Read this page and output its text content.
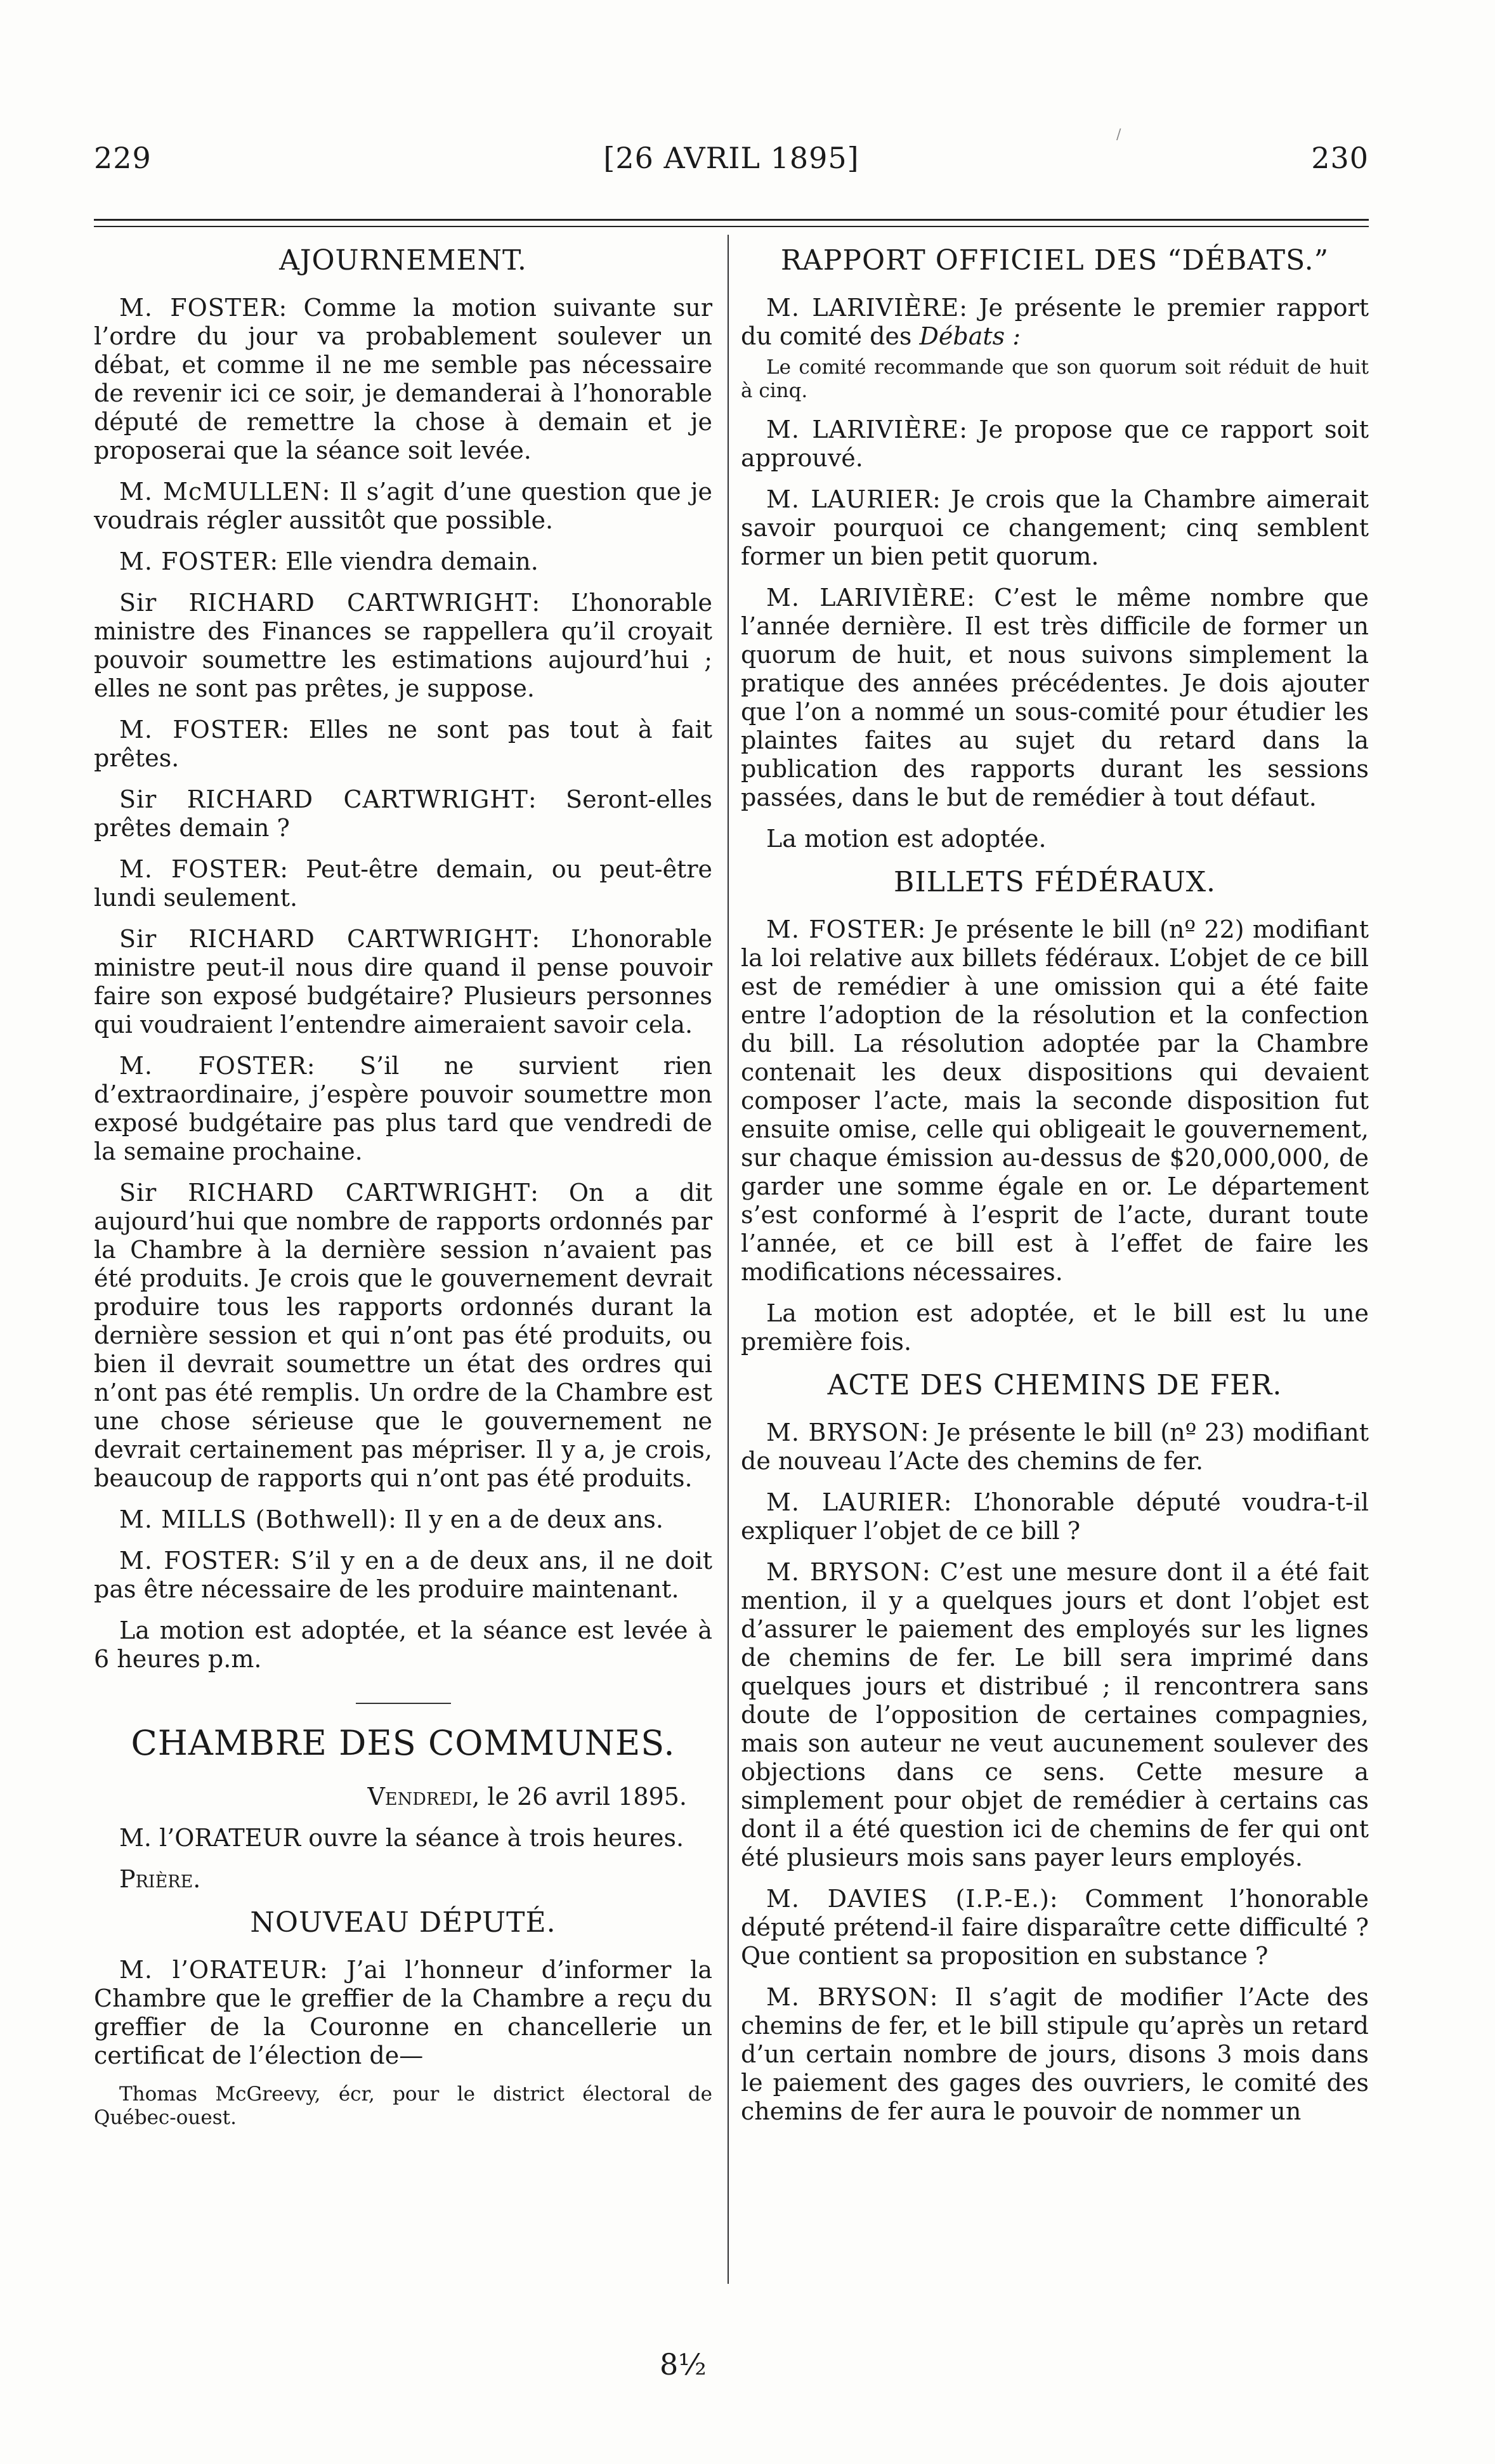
229	[26 AVRIL 1895]	230
/
AJOURNEMENT.

M. FOSTER: Comme la motion suivante sur l’ordre du jour va probablement soulever un débat, et comme il ne me semble pas nécessaire de revenir ici ce soir, je demanderai à l’honorable député de remettre la chose à demain et je proposerai que la séance soit levée.

M. McMULLEN: Il s’agit d’une question que je voudrais régler aussitôt que possible.

M. FOSTER: Elle viendra demain.

Sir RICHARD CARTWRIGHT: L’honorable ministre des Finances se rappellera qu’il croyait pouvoir soumettre les estimations aujourd’hui ; elles ne sont pas prêtes, je suppose.

M. FOSTER: Elles ne sont pas tout à fait prêtes.

Sir RICHARD CARTWRIGHT: Seront-elles prêtes demain ?

M. FOSTER: Peut-être demain, ou peut-être lundi seulement.

Sir RICHARD CARTWRIGHT: L’honorable ministre peut-il nous dire quand il pense pouvoir faire son exposé budgétaire? Plusieurs personnes qui voudraient l’entendre aimeraient savoir cela.

M. FOSTER: S’il ne survient rien d’extraordinaire, j’espère pouvoir soumettre mon exposé budgétaire pas plus tard que vendredi de la semaine prochaine.

Sir RICHARD CARTWRIGHT: On a dit aujourd’hui que nombre de rapports ordonnés par la Chambre à la dernière session n’avaient pas été produits. Je crois que le gouvernement devrait produire tous les rapports ordonnés durant la dernière session et qui n’ont pas été produits, ou bien il devrait soumettre un état des ordres qui n’ont pas été remplis. Un ordre de la Chambre est une chose sérieuse que le gouvernement ne devrait certainement pas mépriser. Il y a, je crois, beaucoup de rapports qui n’ont pas été produits.

M. MILLS (Bothwell): Il y en a de deux ans.

M. FOSTER: S’il y en a de deux ans, il ne doit pas être nécessaire de les produire maintenant.

La motion est adoptée, et la séance est levée à 6 heures p.m.

CHAMBRE DES COMMUNES.

Vendredi, le 26 avril 1895.

M. l’ORATEUR ouvre la séance à trois heures.

Prière.

NOUVEAU DÉPUTÉ.

M. l’ORATEUR: J’ai l’honneur d’informer la Chambre que le greffier de la Chambre a reçu du greffier de la Couronne en chancellerie un certificat de l’élection de—

Thomas McGreevy, écr, pour le district électoral de Québec-ouest.

RAPPORT OFFICIEL DES “DÉBATS.”

M. LARIVIÈRE: Je présente le premier rapport du comité des Débats :

Le comité recommande que son quorum soit réduit de huit à cinq.

M. LARIVIÈRE: Je propose que ce rapport soit approuvé.

M. LAURIER: Je crois que la Chambre aimerait savoir pourquoi ce changement; cinq semblent former un bien petit quorum.

M. LARIVIÈRE: C’est le même nombre que l’année dernière. Il est très difficile de former un quorum de huit, et nous suivons simplement la pratique des années précédentes. Je dois ajouter que l’on a nommé un sous-comité pour étudier les plaintes faites au sujet du retard dans la publication des rapports durant les sessions passées, dans le but de remédier à tout défaut.

La motion est adoptée.

BILLETS FÉDÉRAUX.

M. FOSTER: Je présente le bill (nº 22) modifiant la loi relative aux billets fédéraux. L’objet de ce bill est de remédier à une omission qui a été faite entre l’adoption de la résolution et la confection du bill. La résolution adoptée par la Chambre contenait les deux dispositions qui devaient composer l’acte, mais la seconde disposition fut ensuite omise, celle qui obligeait le gouvernement, sur chaque émission au-dessus de $20,000,000, de garder une somme égale en or. Le département s’est conformé à l’esprit de l’acte, durant toute l’année, et ce bill est à l’effet de faire les modifications nécessaires.

La motion est adoptée, et le bill est lu une première fois.

ACTE DES CHEMINS DE FER.

M. BRYSON: Je présente le bill (nº 23) modifiant de nouveau l’Acte des chemins de fer.

M. LAURIER: L’honorable député voudra-t-il expliquer l’objet de ce bill ?

M. BRYSON: C’est une mesure dont il a été fait mention, il y a quelques jours et dont l’objet est d’assurer le paiement des employés sur les lignes de chemins de fer. Le bill sera imprimé dans quelques jours et distribué ; il rencontrera sans doute de l’opposition de certaines compagnies, mais son auteur ne veut aucunement soulever des objections dans ce sens. Cette mesure a simplement pour objet de remédier à certains cas dont il a été question ici de chemins de fer qui ont été plusieurs mois sans payer leurs employés.

M. DAVIES (I.P.-E.): Comment l’honorable député prétend-il faire disparaître cette difficulté ? Que contient sa proposition en substance ?

M. BRYSON: Il s’agit de modifier l’Acte des chemins de fer, et le bill stipule qu’après un retard d’un certain nombre de jours, disons 3 mois dans le paiement des gages des ouvriers, le comité des chemins de fer aura le pouvoir de nommer un

8½
